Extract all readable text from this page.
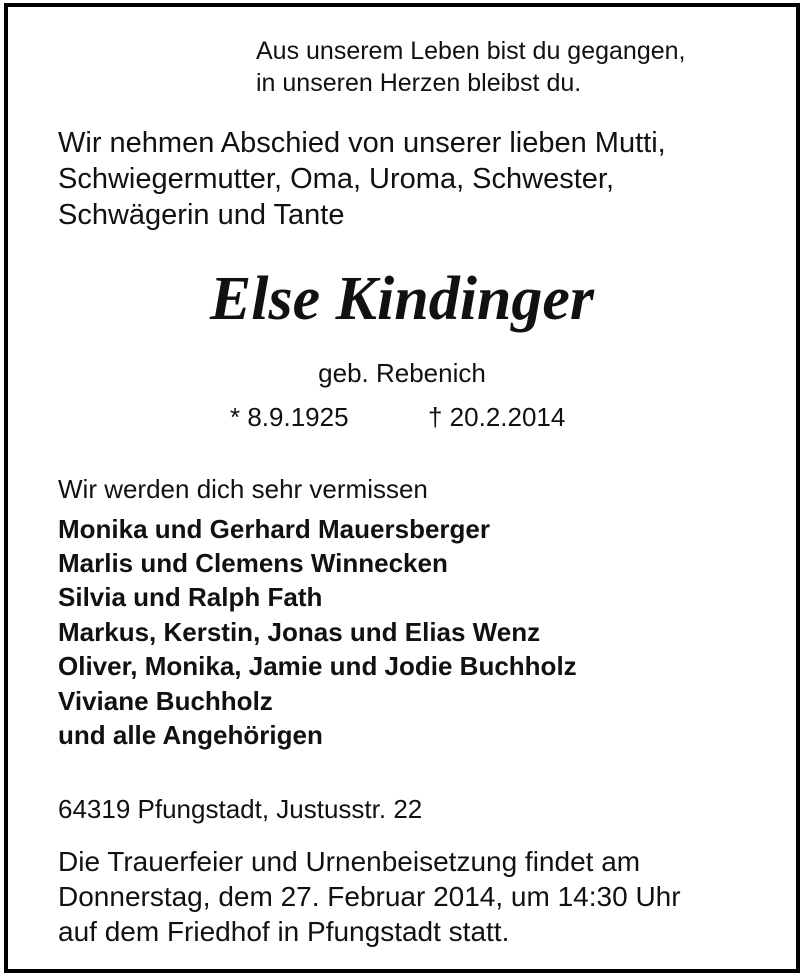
Aus unserem Leben bist du gegangen,
in unseren Herzen bleibst du.
Wir nehmen Abschied von unserer lieben Mutti,
Schwiegermutter, Oma, Uroma, Schwester,
Schwägerin und Tante
Else Kindinger
geb. Rebenich
* 8.9.1925	† 20.2.2014
Wir werden dich sehr vermissen
Monika und Gerhard Mauersberger
Marlis und Clemens Winnecken
Silvia und Ralph Fath
Markus, Kerstin, Jonas und Elias Wenz
Oliver, Monika, Jamie und Jodie Buchholz
Viviane Buchholz
und alle Angehörigen
64319 Pfungstadt, Justusstr. 22
Die Trauerfeier und Urnenbeisetzung findet am
Donnerstag, dem 27. Februar 2014, um 14:30 Uhr
auf dem Friedhof in Pfungstadt statt.
